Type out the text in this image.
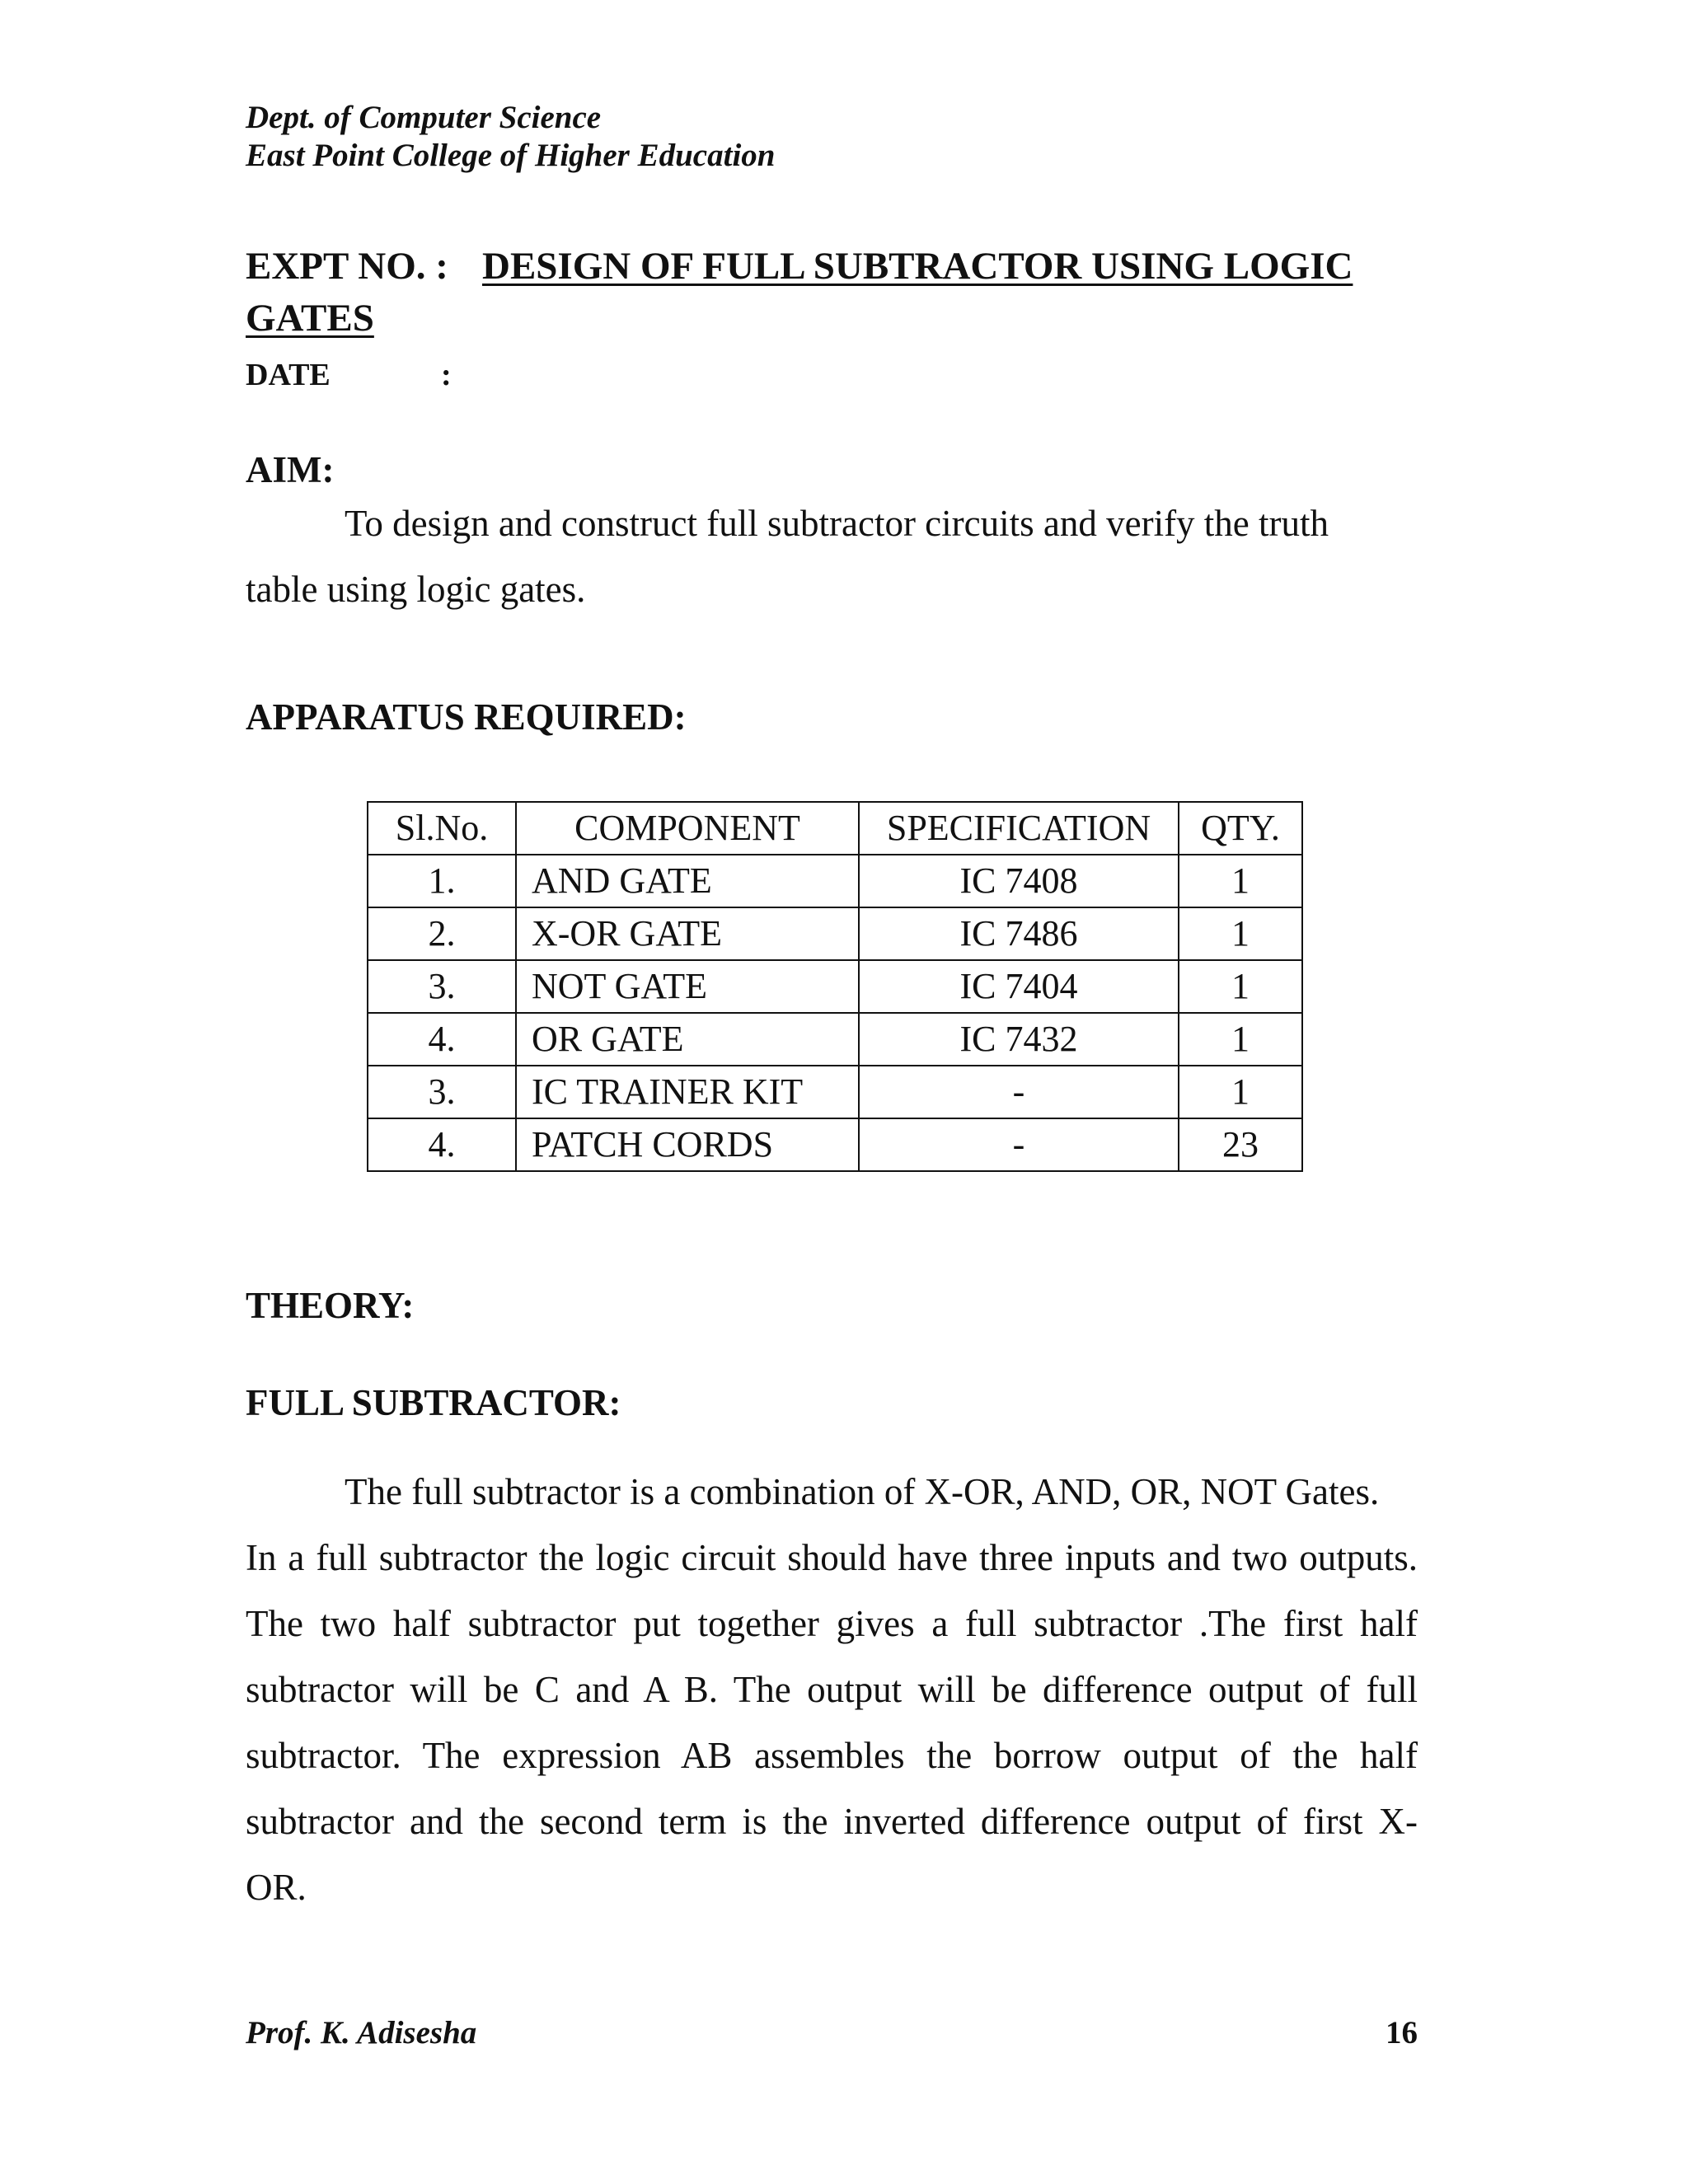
Dept. of Computer Science
East Point College of Higher Education
EXPT NO. : DESIGN OF FULL SUBTRACTOR USING LOGIC
GATES
DATE	:
AIM:
To design and construct full subtractor circuits and verify the truth
table using logic gates.
APPARATUS REQUIRED:
Sl.No.	COMPONENT	SPECIFICATION	QTY.
1.	AND GATE	IC 7408	1
2.	X-OR GATE	IC 7486	1
3.	NOT GATE	IC 7404	1
4.	OR GATE	IC 7432	1
3.	IC TRAINER KIT	-	1
4.	PATCH CORDS	-	23
THEORY:
FULL SUBTRACTOR:
The full subtractor is a combination of X-OR, AND, OR, NOT Gates.
In a full subtractor the logic circuit should have three inputs and two outputs.
The two half subtractor put together gives a full subtractor .The first half
subtractor will be C and A B. The output will be difference output of full
subtractor. The expression AB assembles the borrow output of the half
subtractor and the second term is the inverted difference output of first X-
OR.
Prof. K. Adisesha	16
